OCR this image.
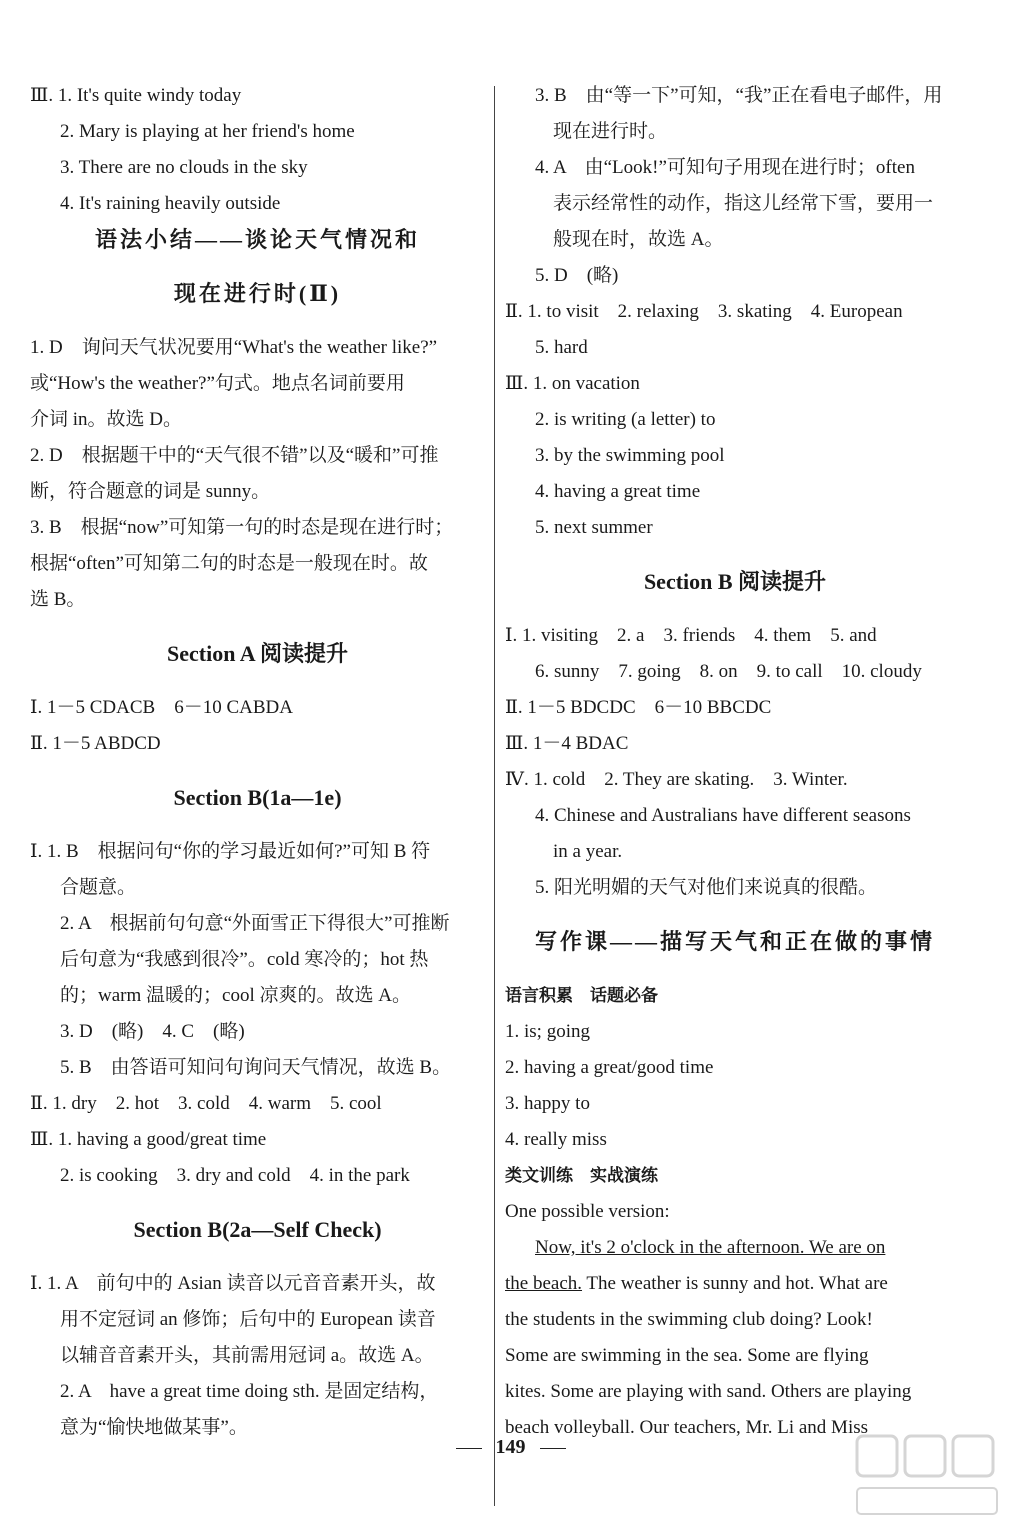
Ⅲ. 1. It's quite windy today
2. Mary is playing at her friend's home
3. There are no clouds in the sky
4. It's raining heavily outside
语法小结——谈论天气情况和
现在进行时(Ⅱ)
1. D　询问天气状况要用“What's the weather like?”
或“How's the weather?”句式。地点名词前要用
介词 in。故选 D。
2. D　根据题干中的“天气很不错”以及“暖和”可推
断，符合题意的词是 sunny。
3. B　根据“now”可知第一句的时态是现在进行时；
根据“often”可知第二句的时态是一般现在时。故
选 B。
Section A 阅读提升
Ⅰ. 1－5 CDACB　6－10 CABDA
Ⅱ. 1－5 ABDCD
Section B(1a—1e)
Ⅰ. 1. B　根据问句“你的学习最近如何?”可知 B 符
合题意。
2. A　根据前句句意“外面雪正下得很大”可推断
后句意为“我感到很冷”。cold 寒冷的；hot 热
的；warm 温暖的；cool 凉爽的。故选 A。
3. D　(略)　4. C　(略)
5. B　由答语可知问句询问天气情况，故选 B。
Ⅱ. 1. dry　2. hot　3. cold　4. warm　5. cool
Ⅲ. 1. having a good/great time
2. is cooking　3. dry and cold　4. in the park
Section B(2a—Self Check)
Ⅰ. 1. A　前句中的 Asian 读音以元音音素开头，故
用不定冠词 an 修饰；后句中的 European 读音
以辅音音素开头，其前需用冠词 a。故选 A。
2. A　have a great time doing sth. 是固定结构，
意为“愉快地做某事”。
3. B　由“等一下”可知，“我”正在看电子邮件，用
现在进行时。
4. A　由“Look!”可知句子用现在进行时；often
表示经常性的动作，指这儿经常下雪，要用一
般现在时，故选 A。
5. D　(略)
Ⅱ. 1. to visit　2. relaxing　3. skating　4. European
5. hard
Ⅲ. 1. on vacation
2. is writing (a letter) to
3. by the swimming pool
4. having a great time
5. next summer
Section B 阅读提升
Ⅰ. 1. visiting　2. a　3. friends　4. them　5. and
6. sunny　7. going　8. on　9. to call　10. cloudy
Ⅱ. 1－5 BDCDC　6－10 BBCDC
Ⅲ. 1－4 BDAC
Ⅳ. 1. cold　2. They are skating.　3. Winter.
4. Chinese and Australians have different seasons
in a year.
5. 阳光明媚的天气对他们来说真的很酷。
写作课——描写天气和正在做的事情
语言积累　话题必备
1. is; going
2. having a great/good time
3. happy to
4. really miss
类文训练　实战演练
One possible version:
Now, it's 2 o'clock in the afternoon. We are on
the beach. The weather is sunny and hot. What are
the students in the swimming club doing? Look!
Some are swimming in the sea. Some are flying
kites. Some are playing with sand. Others are playing
beach volleyball. Our teachers, Mr. Li and Miss
149
